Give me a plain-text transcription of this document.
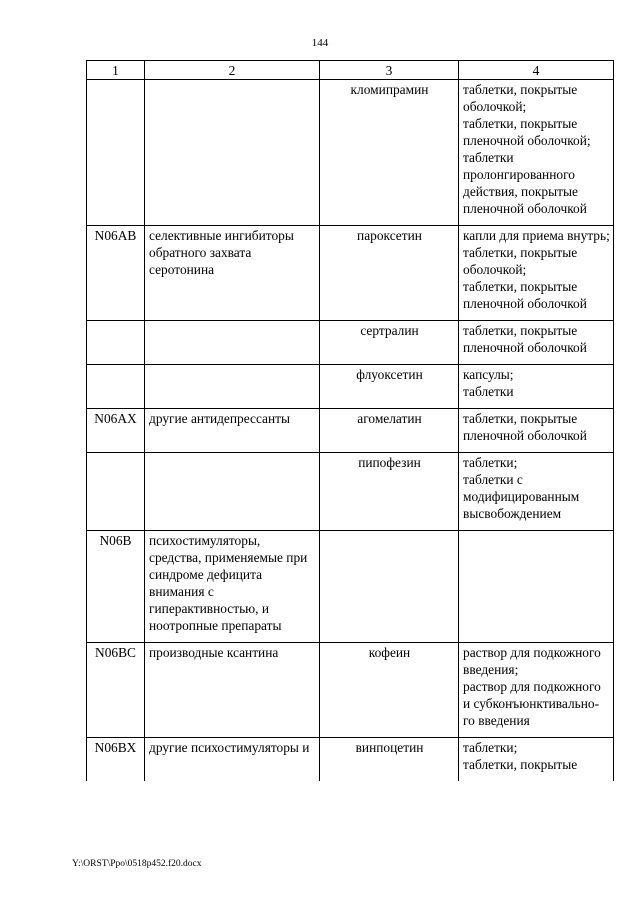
144
1	2	3	4
		кломипрамин	таблетки, покрытые оболочкой;
таблетки, покрытые пленочной оболочкой;
таблетки пролонгированного действия, покрытые пленочной оболочкой

N06AB	селективные ингибиторы обратного захвата серотонина	пароксетин	капли для приема внутрь;
таблетки, покрытые оболочкой;
таблетки, покрытые пленочной оболочкой

		сертралин	таблетки, покрытые пленочной оболочкой

		флуоксетин	капсулы;
таблетки

N06AX	другие антидепрессанты	агомелатин	таблетки, покрытые пленочной оболочкой

		пипофезин	таблетки;
таблетки с модифицированным высвобождением

N06B	психостимуляторы, средства, применяемые при синдроме дефицита внимания с гиперактивностью, и ноотропные препараты		
N06BC	производные ксантина	кофеин	раствор для подкожного введения;
раствор для подкожного и субконъюнктивально-го введения

N06BX	другие психостимуляторы и	винпоцетин	таблетки;
таблетки, покрытые
Y:\ORST\Ppo\0518p452.f20.docx
